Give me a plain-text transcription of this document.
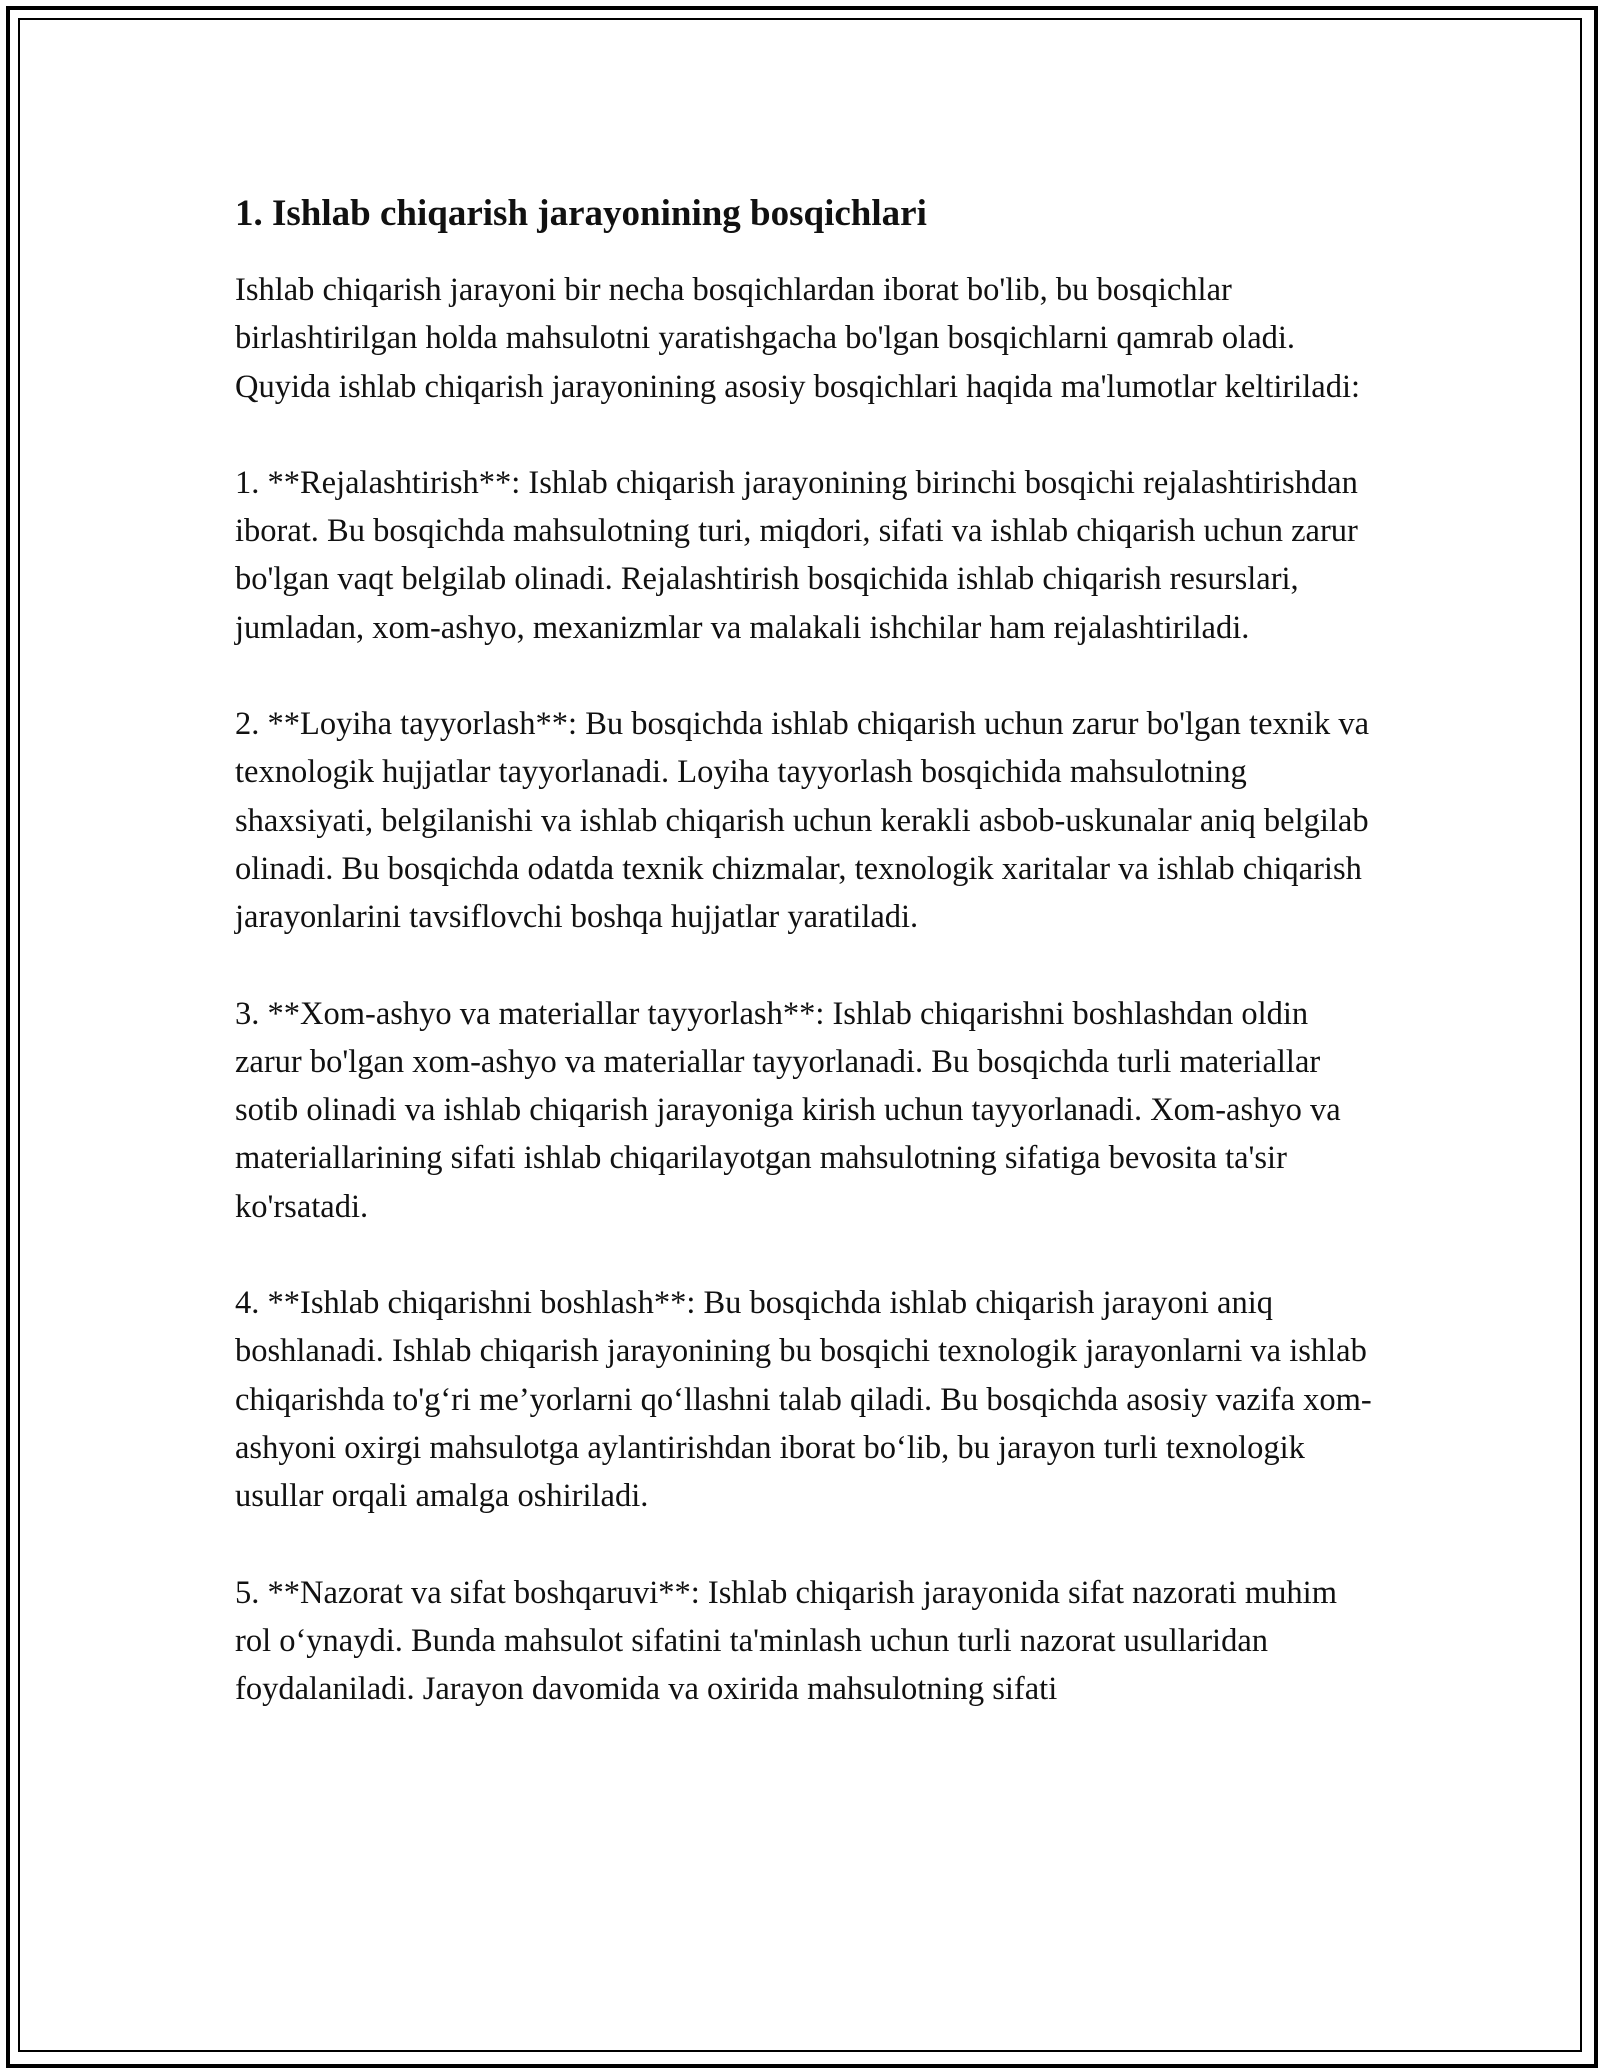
1. Ishlab chiqarish jarayonining bosqichlari

Ishlab chiqarish jarayoni bir necha bosqichlardan iborat bo'lib, bu bosqichlar birlashtirilgan holda mahsulotni yaratishgacha bo'lgan bosqichlarni qamrab oladi. Quyida ishlab chiqarish jarayonining asosiy bosqichlari haqida ma'lumotlar keltiriladi:

1. **Rejalashtirish**: Ishlab chiqarish jarayonining birinchi bosqichi rejalashtirishdan iborat. Bu bosqichda mahsulotning turi, miqdori, sifati va ishlab chiqarish uchun zarur bo'lgan vaqt belgilab olinadi. Rejalashtirish bosqichida ishlab chiqarish resurslari, jumladan, xom-ashyo, mexanizmlar va malakali ishchilar ham rejalashtiriladi.

2. **Loyiha tayyorlash**: Bu bosqichda ishlab chiqarish uchun zarur bo'lgan texnik va texnologik hujjatlar tayyorlanadi. Loyiha tayyorlash bosqichida mahsulotning shaxsiyati, belgilanishi va ishlab chiqarish uchun kerakli asbob-uskunalar aniq belgilab olinadi. Bu bosqichda odatda texnik chizmalar, texnologik xaritalar va ishlab chiqarish jarayonlarini tavsiflovchi boshqa hujjatlar yaratiladi.

3. **Xom-ashyo va materiallar tayyorlash**: Ishlab chiqarishni boshlashdan oldin zarur bo'lgan xom-ashyo va materiallar tayyorlanadi. Bu bosqichda turli materiallar sotib olinadi va ishlab chiqarish jarayoniga kirish uchun tayyorlanadi. Xom-ashyo va materiallarining sifati ishlab chiqarilayotgan mahsulotning sifatiga bevosita ta'sir ko'rsatadi.

4. **Ishlab chiqarishni boshlash**: Bu bosqichda ishlab chiqarish jarayoni aniq boshlanadi. Ishlab chiqarish jarayonining bu bosqichi texnologik jarayonlarni va ishlab chiqarishda to'g‘ri me’yorlarni qo‘llashni talab qiladi. Bu bosqichda asosiy vazifa xom-ashyoni oxirgi mahsulotga aylantirishdan iborat bo‘lib, bu jarayon turli texnologik usullar orqali amalga oshiriladi.

5. **Nazorat va sifat boshqaruvi**: Ishlab chiqarish jarayonida sifat nazorati muhim rol o‘ynaydi. Bunda mahsulot sifatini ta'minlash uchun turli nazorat usullaridan foydalaniladi. Jarayon davomida va oxirida mahsulotning sifati
